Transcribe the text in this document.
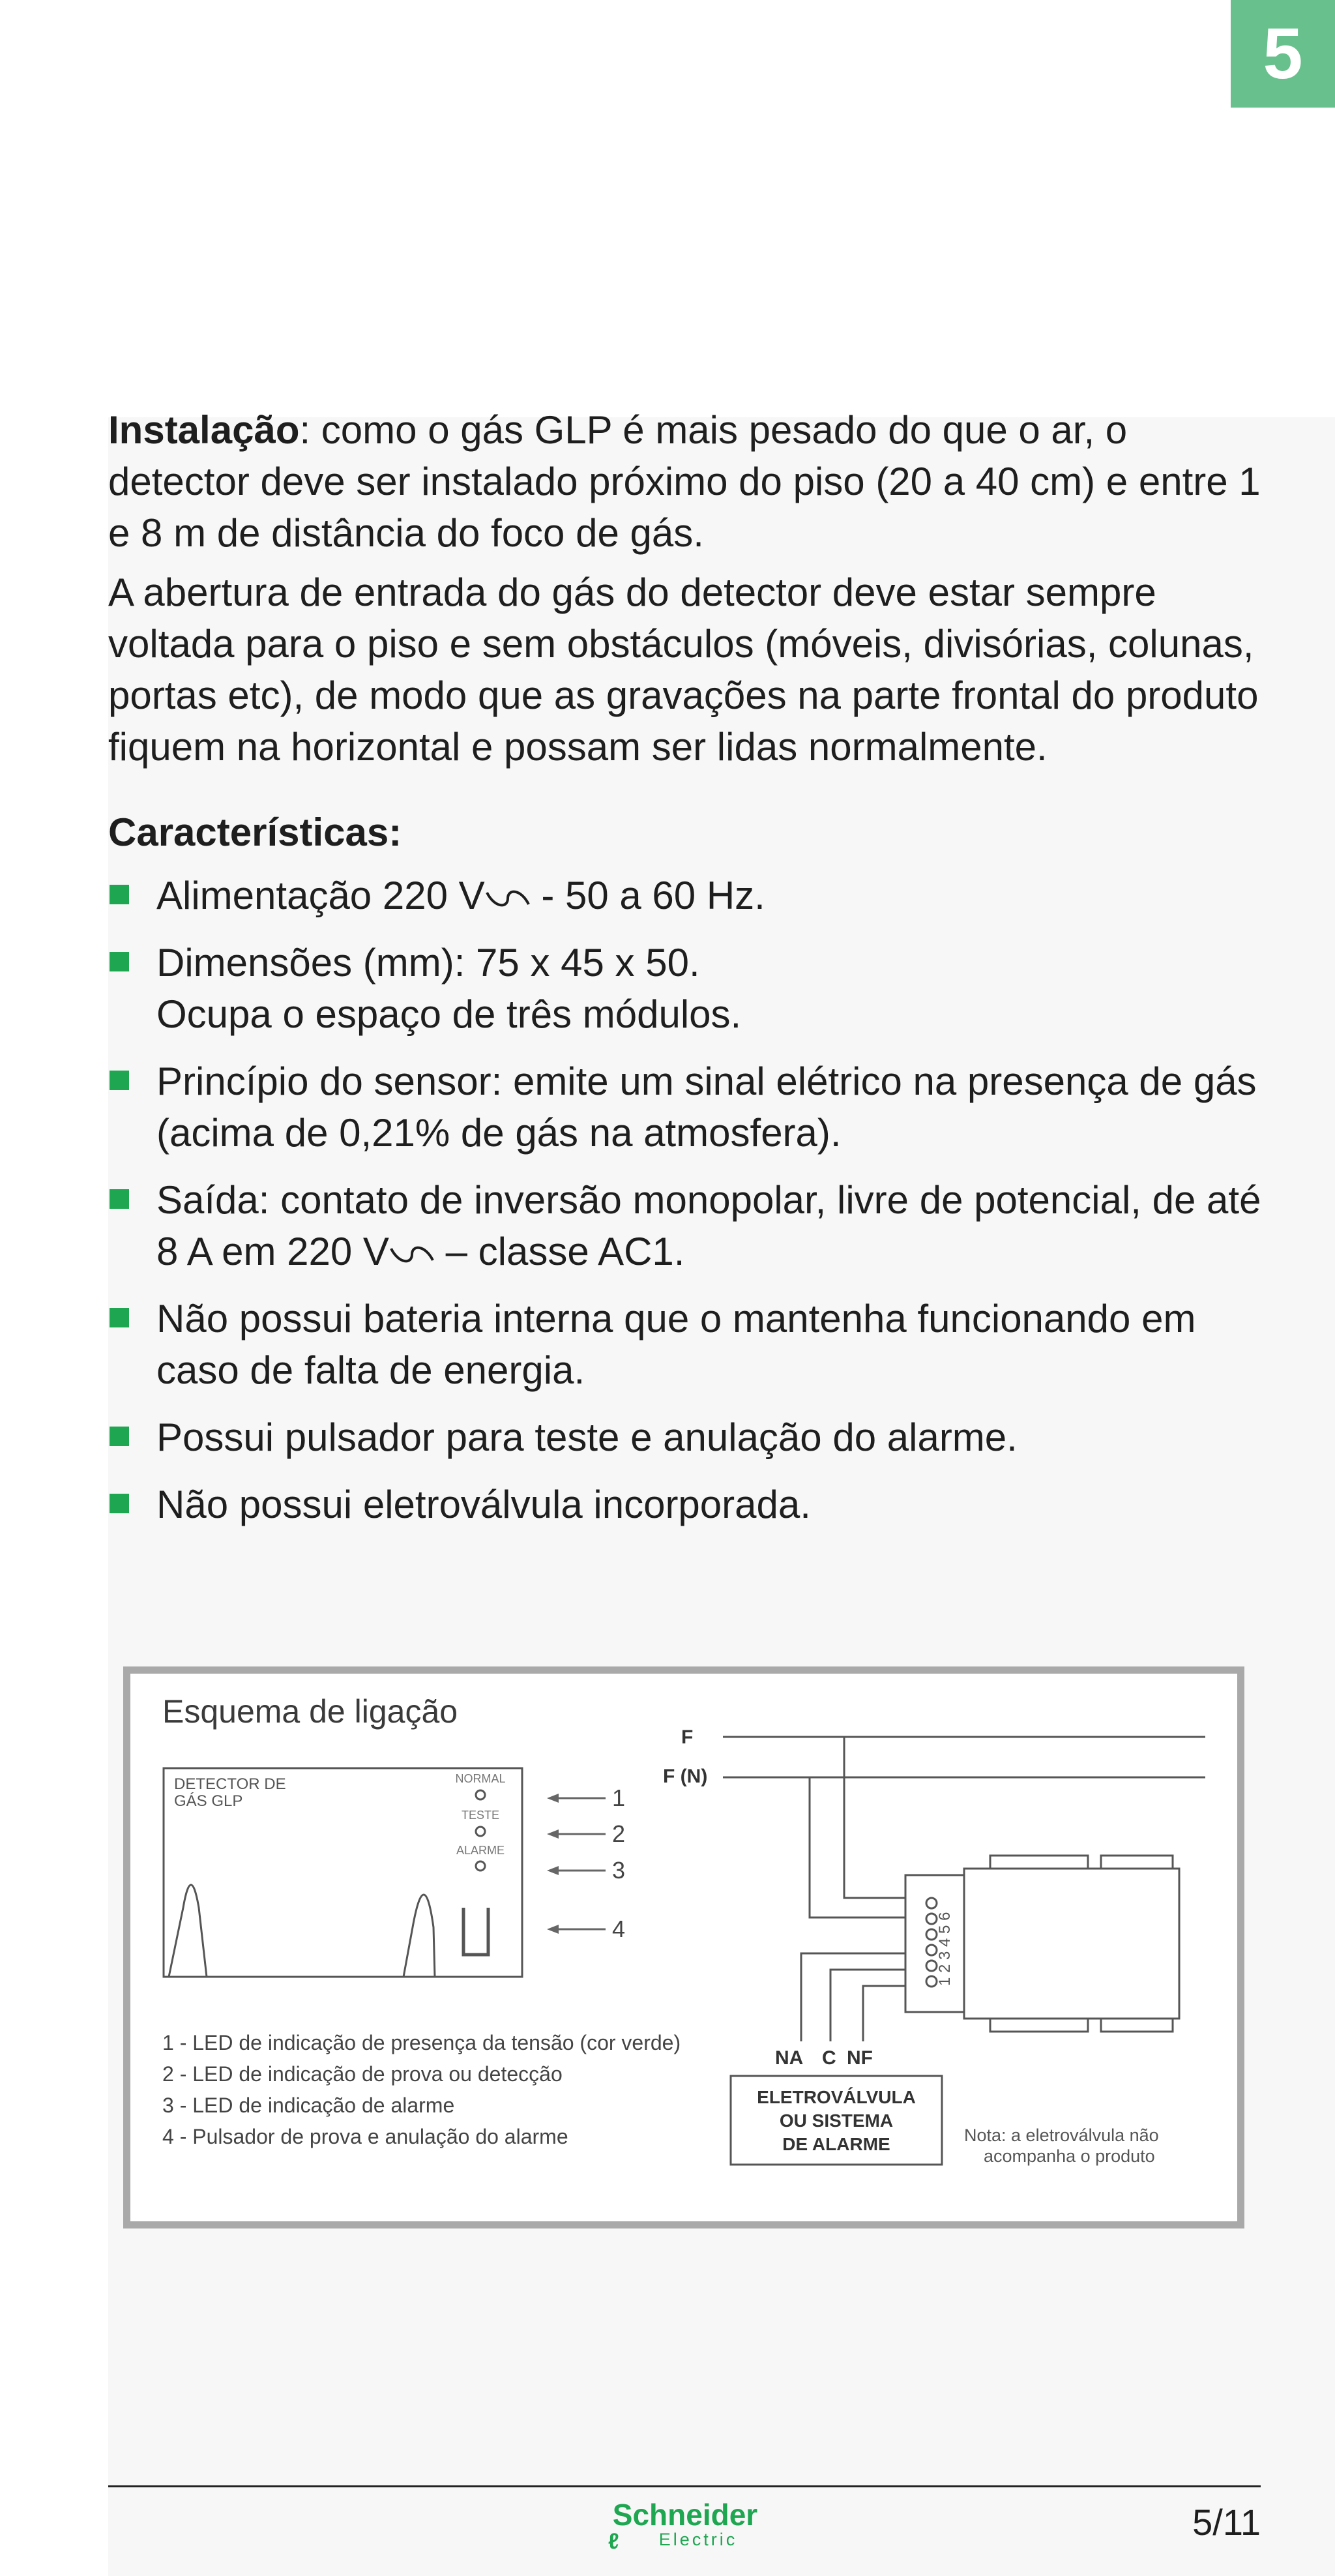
5

Instalação: como o gás GLP é mais pesado do que o ar, o detector deve ser instalado próximo do piso (20 a 40 cm) e entre 1 e 8 m de distância do foco de gás.

A abertura de entrada do gás do detector deve estar sempre voltada para o piso e sem obstáculos (móveis, divisórias, colunas, portas etc), de modo que as gravações na parte frontal do produto fiquem na horizontal e possam ser lidas normalmente.

Características:

Alimentação 220 V - 50 a 60 Hz.
Dimensões (mm): 75 x 45 x 50.
Ocupa o espaço de três módulos.
Princípio do sensor: emite um sinal elétrico na presença de gás (acima de 0,21% de gás na atmosfera).
Saída: contato de inversão monopolar, livre de potencial, de até 8 A em 220 V – classe AC1.
Não possui bateria interna que o mantenha funcionando em caso de falta de energia.
Possui pulsador para teste e anulação do alarme.
Não possui eletroválvula incorporada.
Esquema de ligação
DETECTOR DE
GÁS GLP
NORMAL
TESTE
ALARME
1
2
3
4
F
F (N)
1 2 3 4 5 6
NA C NF
ELETROVÁLVULA
OU SISTEMA
DE ALARME	Nota: a eletroválvula não
acompanha o produto
1 - LED de indicação de presença da tensão (cor verde)
2 - LED de indicação de prova ou detecção
3 - LED de indicação de alarme
4 - Pulsador de prova e anulação do alarme
Schneider
ℓ	Electric	5/11
